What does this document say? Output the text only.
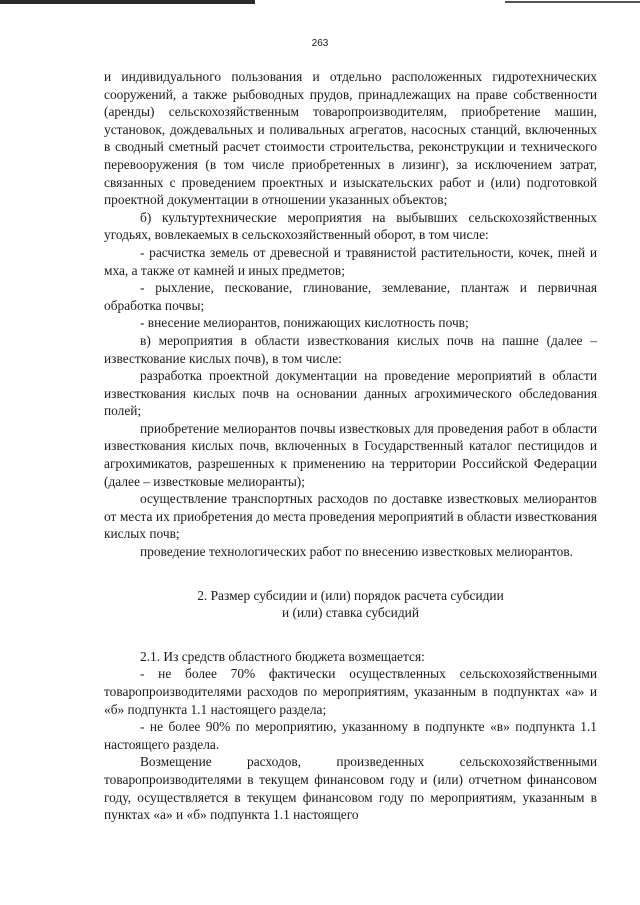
263

и индивидуального пользования и отдельно расположенных гидротехнических сооружений, а также рыбоводных прудов, принадлежащих на праве собственности (аренды) сельскохозяйственным товаропроизводителям, приобретение машин, установок, дождевальных и поливальных агрегатов, насосных станций, включенных в сводный сметный расчет стоимости строительства, реконструкции и технического перевооружения (в том числе приобретенных в лизинг), за исключением затрат, связанных с проведением проектных и изыскательских работ и (или) подготовкой проектной документации в отношении указанных объектов;

б) культуртехнические мероприятия на выбывших сельскохозяйственных угодьях, вовлекаемых в сельскохозяйственный оборот, в том числе:

- расчистка земель от древесной и травянистой растительности, кочек, пней и мха, а также от камней и иных предметов;

- рыхление, пескование, глинование, землевание, плантаж и первичная обработка почвы;

- внесение мелиорантов, понижающих кислотность почв;

в) мероприятия в области известкования кислых почв на пашне (далее – известкование кислых почв), в том числе:

разработка проектной документации на проведение мероприятий в области известкования кислых почв на основании данных агрохимического обследования полей;

приобретение мелиорантов почвы известковых для проведения работ в области известкования кислых почв, включенных в Государственный каталог пестицидов и агрохимикатов, разрешенных к применению на территории Российской Федерации (далее – известковые мелиоранты);

осуществление транспортных расходов по доставке известковых мелиорантов от места их приобретения до места проведения мероприятий в области известкования кислых почв;

проведение технологических работ по внесению известковых мелиорантов.

2. Размер субсидии и (или) порядок расчета субсидии
и (или) ставка субсидий

2.1. Из средств областного бюджета возмещается:

- не более 70% фактически осуществленных сельскохозяйственными товаропроизводителями расходов по мероприятиям, указанным в подпунктах «а» и «б» подпункта 1.1 настоящего раздела;

- не более 90% по мероприятию, указанному в подпункте «в» подпункта 1.1 настоящего раздела.

Возмещение расходов, произведенных сельскохозяйственными товаропроизводителями в текущем финансовом году и (или) отчетном финансовом году, осуществляется в текущем финансовом году по мероприятиям, указанным в пунктах «а» и «б» подпункта 1.1 настоящего
